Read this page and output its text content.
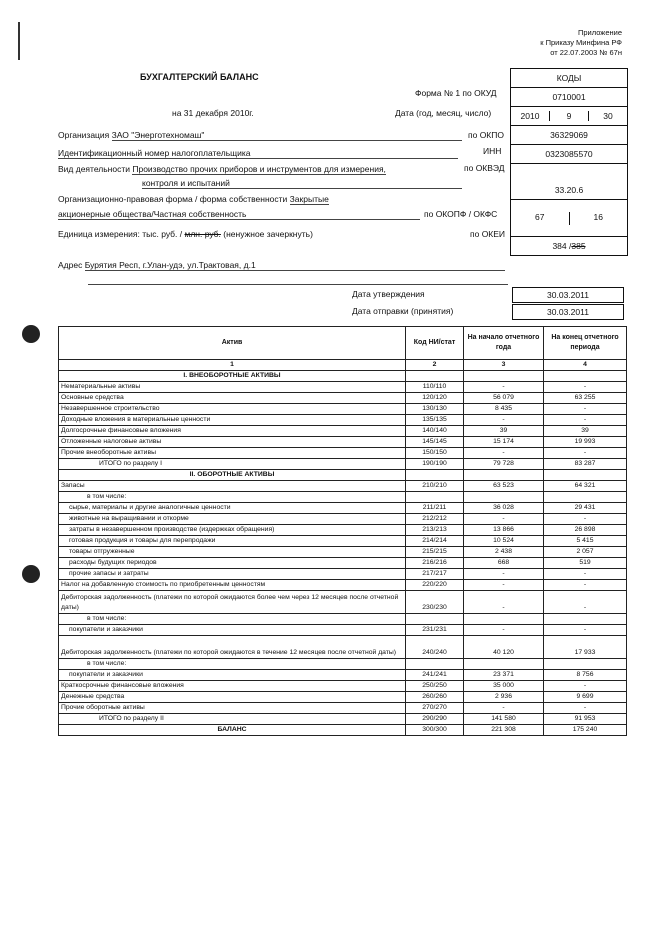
Приложение
к Приказу Минфина РФ
от 22.07.2003 № 67н
БУХГАЛТЕРСКИЙ БАЛАНС
на 31 декабря 2010г.
Форма № 1 по ОКУД
Дата (год, месяц, число)
КОДЫ
0710001
2010	9	30
36329069
0323085570
33.20.6
67	16
384 / 385
Организация ЗАО "Энерготехномаш"	по ОКПО
Идентификационный номер налогоплательщика	ИНН
Вид деятельности Производство прочих приборов и инструментов для измерения,
контроля и испытаний
по ОКВЭД
Организационно-правовая форма / форма собственности Закрытые
акционерные общества/Частная собственность	по ОКОПФ / ОКФС
Единица измерения: тыс. руб. / млн. руб. (ненужное зачеркнуть)	по ОКЕИ
Адрес Бурятия Респ, г.Улан-удэ, ул.Трактовая, д.1
Дата утверждения	30.03.2011
Дата отправки (принятия)	30.03.2011
Актив	Код НИ/стат	На начало отчетного года	На конец отчетного периода
1	2	3	4
I. ВНЕОБОРОТНЫЕ АКТИВЫ			
Нематериальные активы	110/110	-	-
Основные средства	120/120	56 079	63 255
Незавершенное строительство	130/130	8 435	-
Доходные вложения в материальные ценности	135/135	-	-
Долгосрочные финансовые вложения	140/140	39	39
Отложенные налоговые активы	145/145	15 174	19 993
Прочие внеоборотные активы	150/150	-	-
ИТОГО по разделу I	190/190	79 728	83 287
II. ОБОРОТНЫЕ АКТИВЫ			
Запасы	210/210	63 523	64 321
в том числе:			
сырье, материалы и другие аналогичные ценности	211/211	36 028	29 431
животные на выращивании и откорме	212/212	-	-
затраты в незавершенном производстве (издержках обращения)	213/213	13 866	26 898
готовая продукция и товары для перепродажи	214/214	10 524	5 415
товары отгруженные	215/215	2 438	2 057
расходы будущих периодов	216/216	668	519
прочие запасы и затраты	217/217	-	-
Налог на добавленную стоимость по приобретенным ценностям	220/220	-	-
Дебиторская задолженность (платежи по которой ожидаются более чем через 12 месяцев после отчетной даты)	230/230	-	-
в том числе:			
покупатели и заказчики	231/231	-	-
Дебиторская задолженность (платежи по которой ожидаются в течение 12 месяцев после отчетной даты)	240/240	40 120	17 933
в том числе:			
покупатели и заказчики	241/241	23 371	8 756
Краткосрочные финансовые вложения	250/250	35 000	-
Денежные средства	260/260	2 936	9 699
Прочие оборотные активы	270/270	-	-
ИТОГО по разделу II	290/290	141 580	91 953
БАЛАНС	300/300	221 308	175 240
